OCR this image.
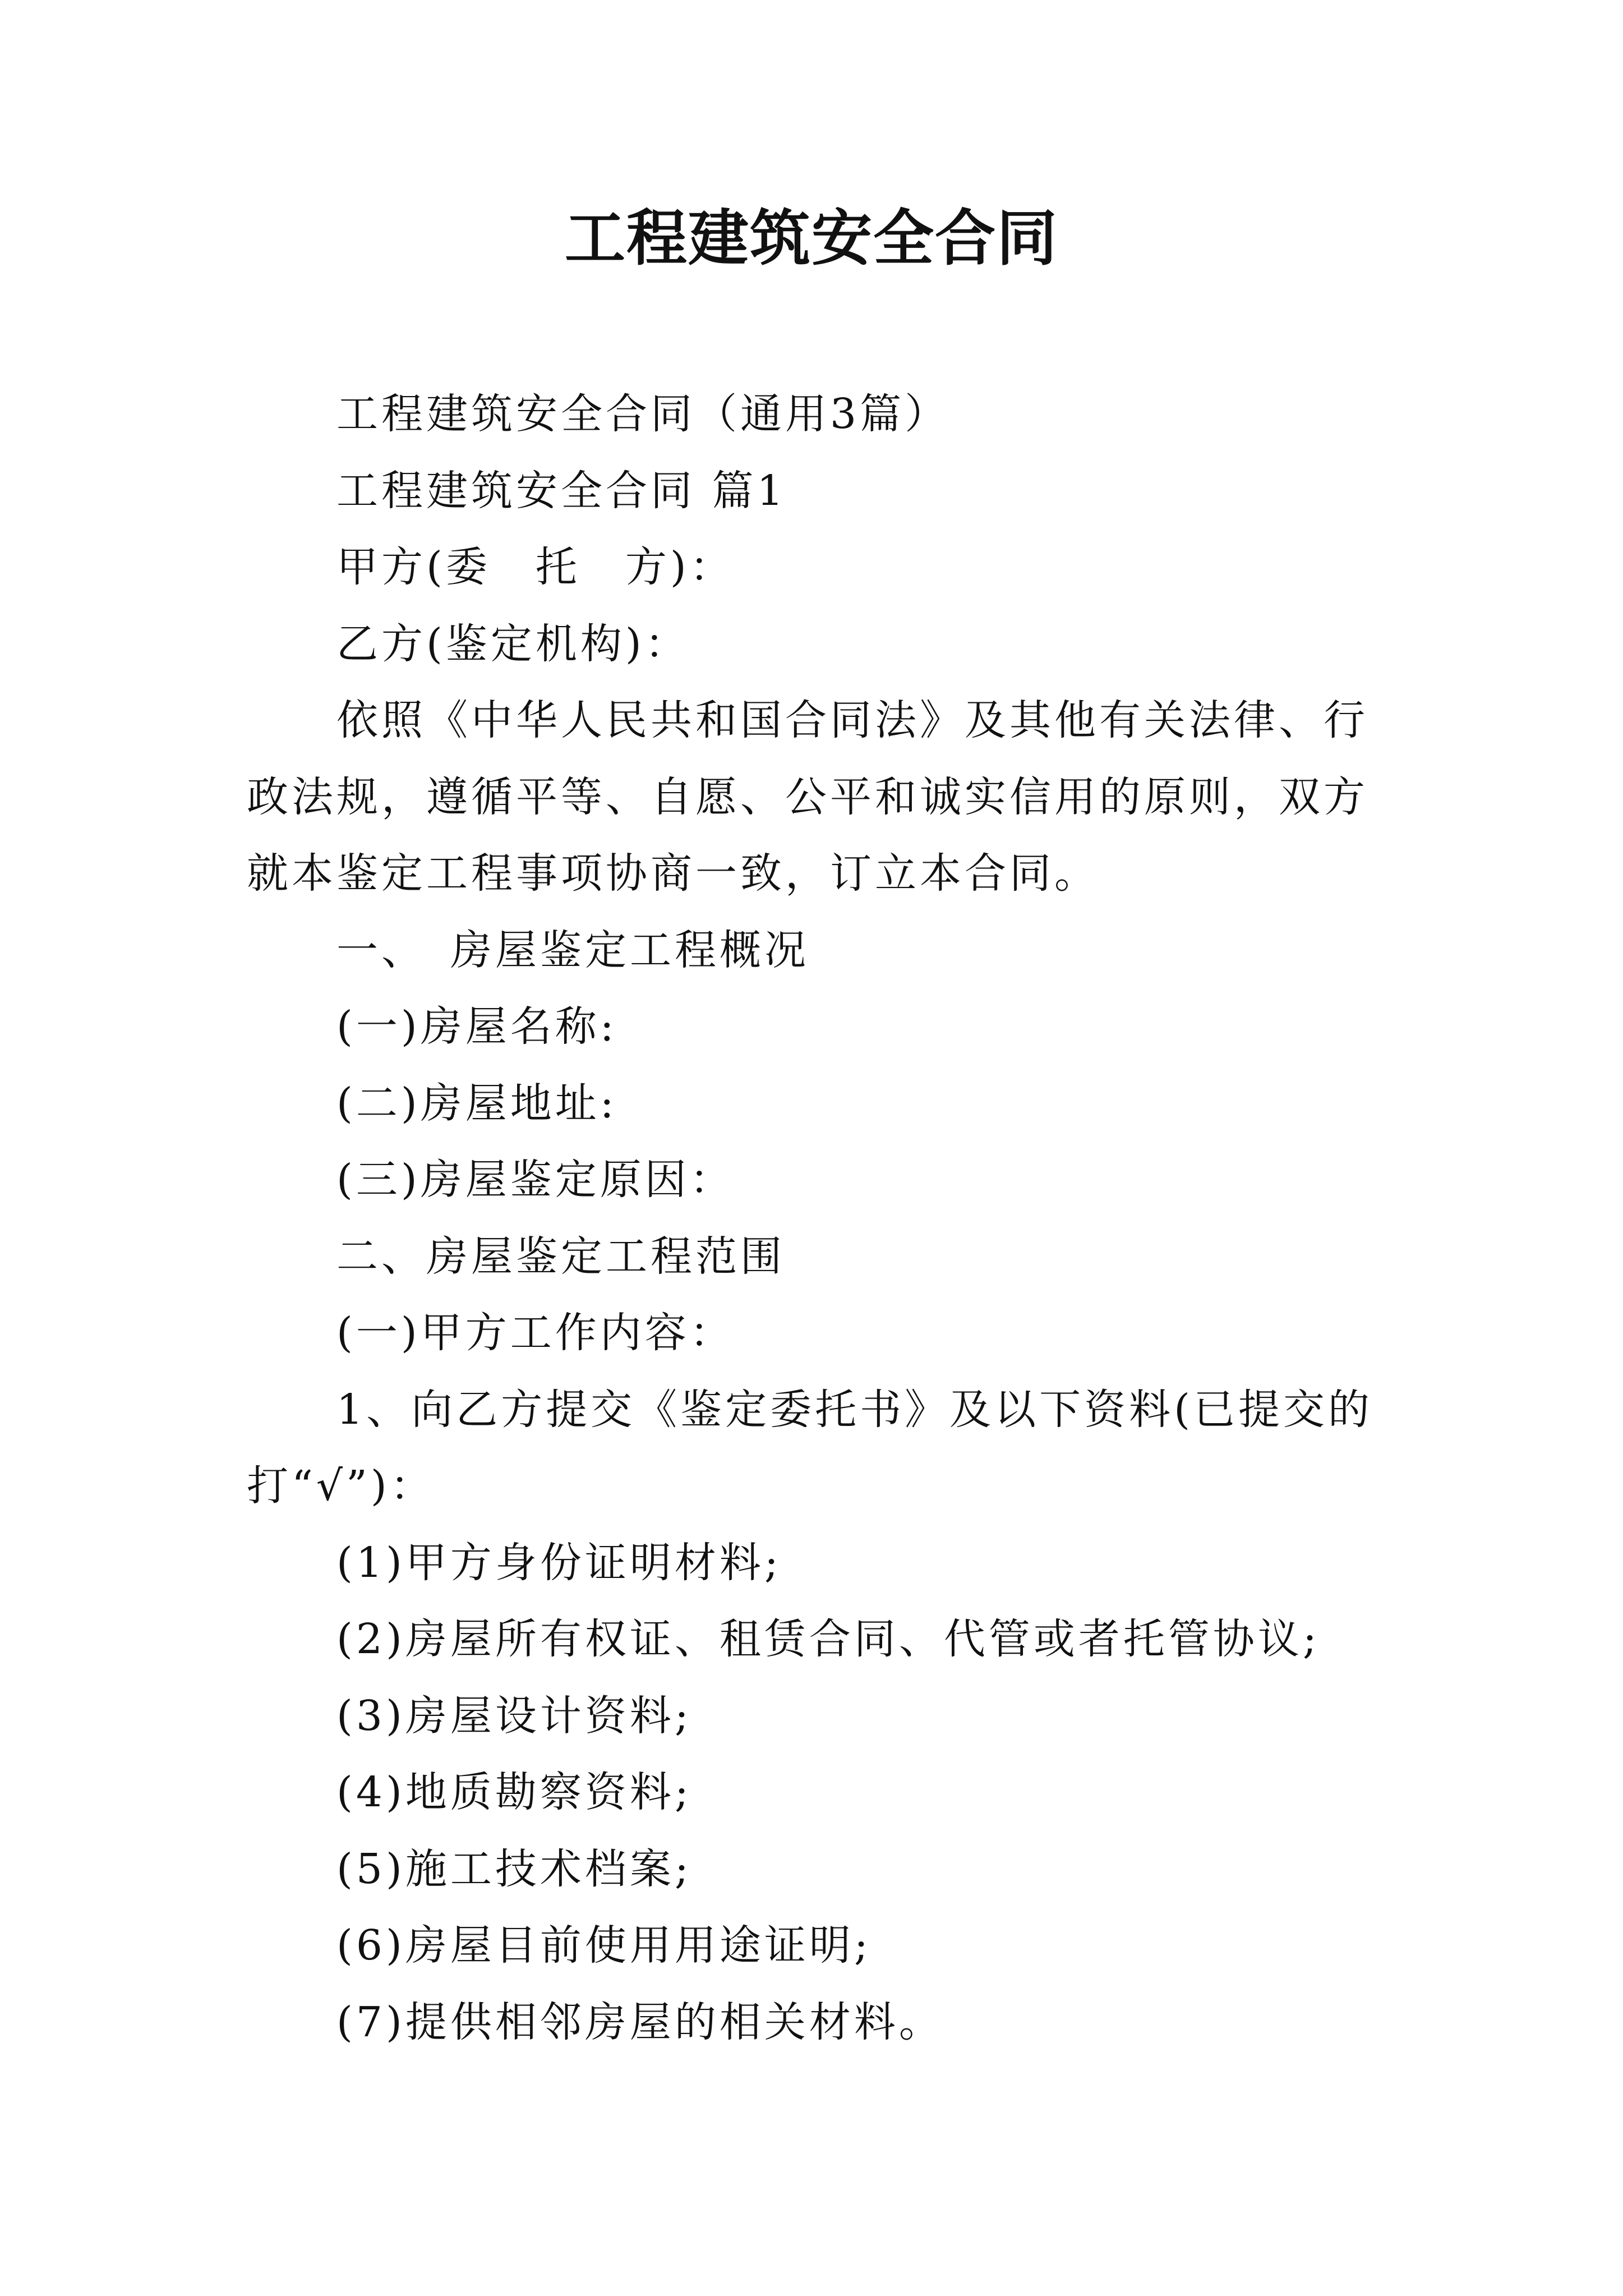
工程建筑安全合同

工程建筑安全合同（通用3篇）

工程建筑安全合同 篇1

甲方(委　托　方)：

乙方(鉴定机构)：

依照《中华人民共和国合同法》及其他有关法律、行政法规，遵循平等、自愿、公平和诚实信用的原则，双方就本鉴定工程事项协商一致，订立本合同。

一、　房屋鉴定工程概况

(一)房屋名称:

(二)房屋地址:

(三)房屋鉴定原因：

二、房屋鉴定工程范围

(一)甲方工作内容：

1、向乙方提交《鉴定委托书》及以下资料(已提交的打“√”)：

(1)甲方身份证明材料;

(2)房屋所有权证、租赁合同、代管或者托管协议;

(3)房屋设计资料;

(4)地质勘察资料;

(5)施工技术档案;

(6)房屋目前使用用途证明;

(7)提供相邻房屋的相关材料。
